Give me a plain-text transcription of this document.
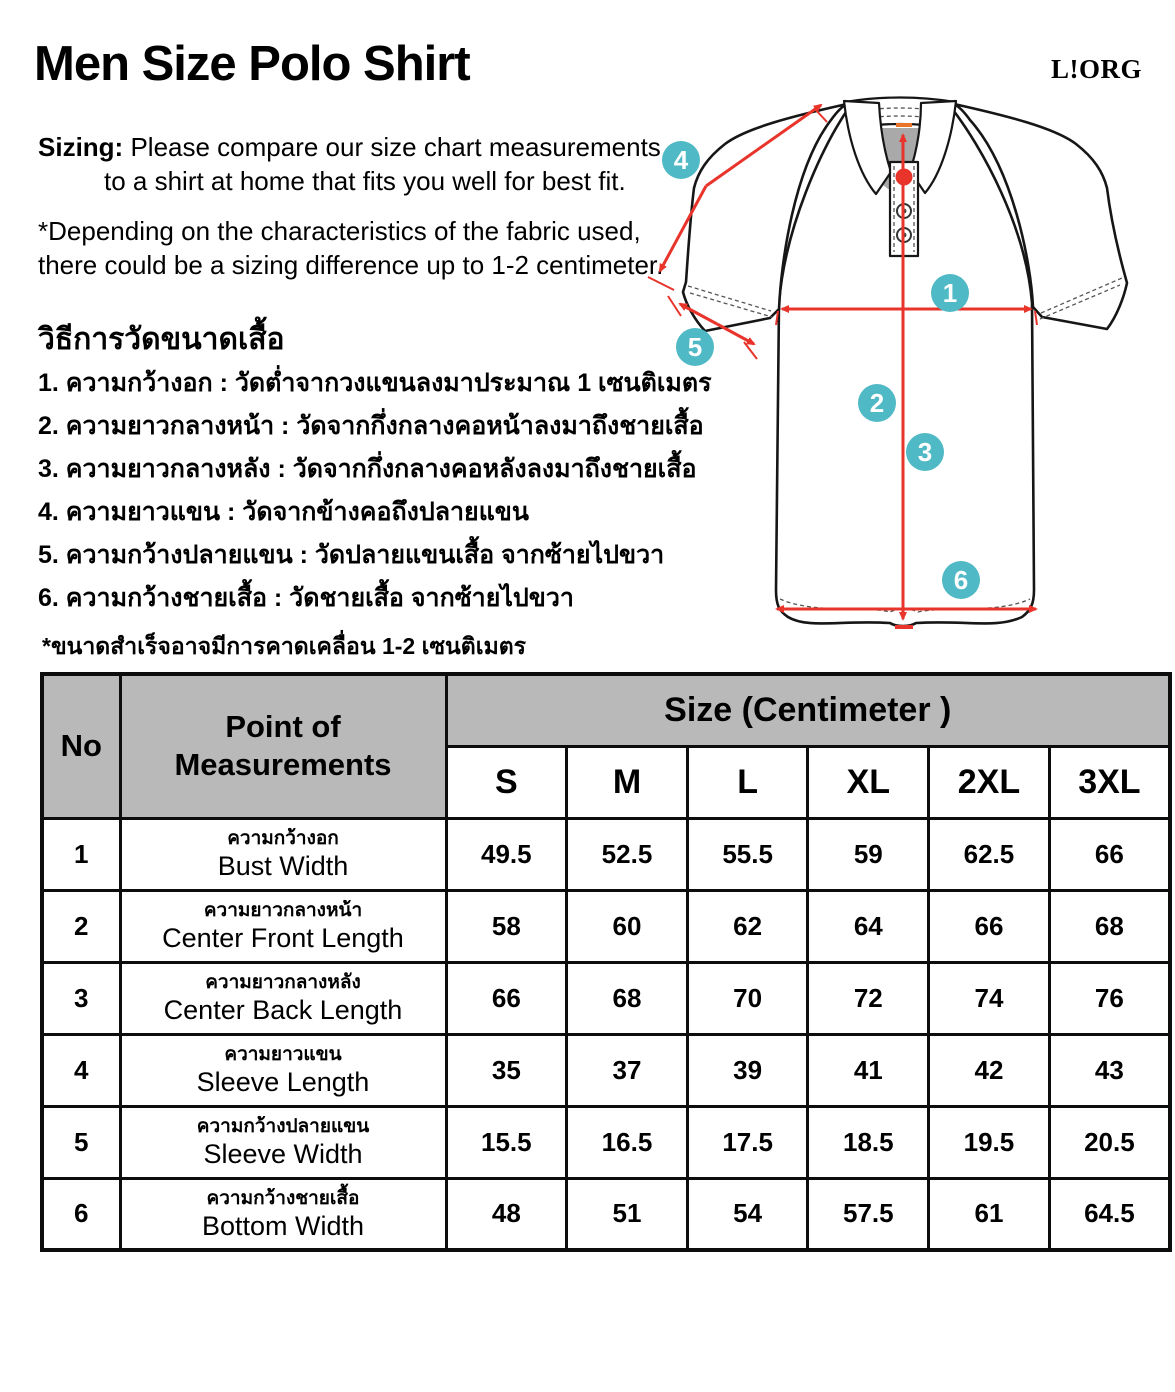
Men Size Polo Shirt	L!ORG
Sizing: Please compare our size chart measurements
to a shirt at home that fits you well for best fit.
*Depending on the characteristics of the fabric used,
there could be a sizing difference up to 1-2 centimeter.
วิธีการวัดขนาดเสื้อ
1. ความกว้างอก : วัดต่ำจากวงแขนลงมาประมาณ 1 เซนติเมตร
2. ความยาวกลางหน้า : วัดจากกึ่งกลางคอหน้าลงมาถึงชายเสื้อ
3. ความยาวกลางหลัง : วัดจากกึ่งกลางคอหลังลงมาถึงชายเสื้อ
4. ความยาวแขน : วัดจากข้างคอถึงปลายแขน
5. ความกว้างปลายแขน : วัดปลายแขนเสื้อ จากซ้ายไปขวา
6. ความกว้างชายเสื้อ : วัดชายเสื้อ จากซ้ายไปขวา
*ขนาดสำเร็จอาจมีการคาดเคลื่อน 1-2 เซนติเมตร
1
2
3
4
5
6
No	Point of Measurements	Size (Centimeter )					
		S	M	L	XL	2XL	3XL
1	ความกว้างอก
Bust Width	49.5	52.5	55.5	59	62.5	66
2	ความยาวกลางหน้า
Center Front Length	58	60	62	64	66	68
3	ความยาวกลางหลัง
Center Back Length	66	68	70	72	74	76
4	ความยาวแขน
Sleeve Length	35	37	39	41	42	43
5	ความกว้างปลายแขน
Sleeve Width	15.5	16.5	17.5	18.5	19.5	20.5
6	ความกว้างชายเสื้อ
Bottom Width	48	51	54	57.5	61	64.5
